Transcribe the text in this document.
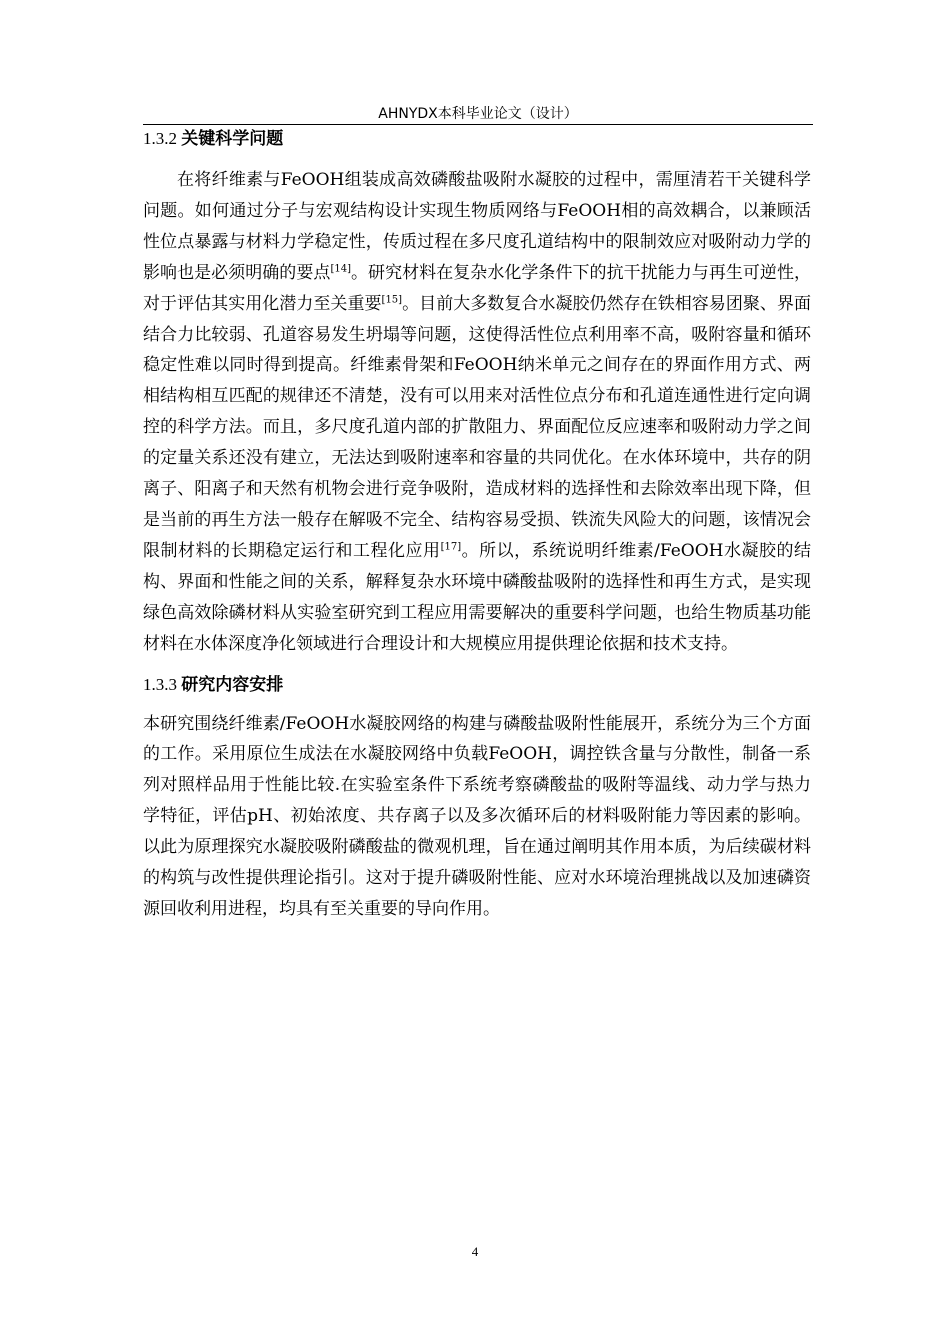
AHNYDX本科毕业论文（设计）
1.3.2 关键科学问题

在将纤维素与FeOOH组装成高效磷酸盐吸附水凝胶的过程中，需厘清若干关键科学问题。如何通过分子与宏观结构设计实现生物质网络与FeOOH相的高效耦合，以兼顾活性位点暴露与材料力学稳定性，传质过程在多尺度孔道结构中的限制效应对吸附动力学的影响也是必须明确的要点[14]。研究材料在复杂水化学条件下的抗干扰能力与再生可逆性，对于评估其实用化潜力至关重要[15]。目前大多数复合水凝胶仍然存在铁相容易团聚、界面结合力比较弱、孔道容易发生坍塌等问题，这使得活性位点利用率不高，吸附容量和循环稳定性难以同时得到提高。纤维素骨架和FeOOH纳米单元之间存在的界面作用方式、两相结构相互匹配的规律还不清楚，没有可以用来对活性位点分布和孔道连通性进行定向调控的科学方法。而且，多尺度孔道内部的扩散阻力、界面配位反应速率和吸附动力学之间的定量关系还没有建立，无法达到吸附速率和容量的共同优化。在水体环境中，共存的阴离子、阳离子和天然有机物会进行竞争吸附，造成材料的选择性和去除效率出现下降，但是当前的再生方法一般存在解吸不完全、结构容易受损、铁流失风险大的问题，该情况会限制材料的长期稳定运行和工程化应用[17]。所以，系统说明纤维素/FeOOH水凝胶的结构、界面和性能之间的关系，解释复杂水环境中磷酸盐吸附的选择性和再生方式，是实现绿色高效除磷材料从实验室研究到工程应用需要解决的重要科学问题，也给生物质基功能材料在水体深度净化领域进行合理设计和大规模应用提供理论依据和技术支持。

1.3.3 研究内容安排

本研究围绕纤维素/FeOOH水凝胶网络的构建与磷酸盐吸附性能展开，系统分为三个方面的工作。采用原位生成法在水凝胶网络中负载FeOOH，调控铁含量与分散性，制备一系列对照样品用于性能比较.在实验室条件下系统考察磷酸盐的吸附等温线、动力学与热力学特征，评估pH、初始浓度、共存离子以及多次循环后的材料吸附能力等因素的影响。以此为原理探究水凝胶吸附磷酸盐的微观机理，旨在通过阐明其作用本质，为后续碳材料的构筑与改性提供理论指引。这对于提升磷吸附性能、应对水环境治理挑战以及加速磷资源回收利用进程，均具有至关重要的导向作用。

4
